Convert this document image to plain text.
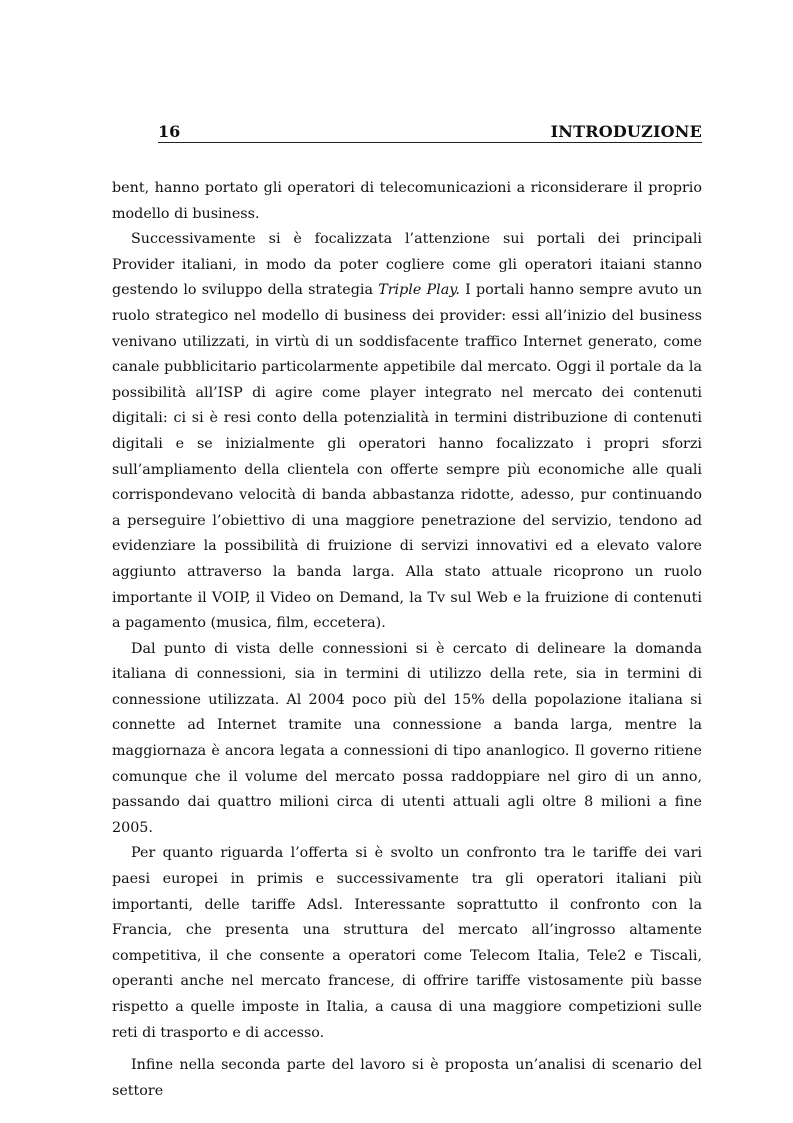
16	INTRODUZIONE

bent, hanno portato gli operatori di telecomunicazioni a riconsiderare il proprio modello di business.

Successivamente si è focalizzata l’attenzione sui portali dei principali Provider italiani, in modo da poter cogliere come gli operatori itaiani stanno gestendo lo sviluppo della strategia Triple Play. I portali hanno sempre avuto un ruolo strategico nel modello di business dei provider: essi all’inizio del business venivano utilizzati, in virtù di un soddisfacente traffico Internet generato, come canale pubblicitario particolarmente appetibile dal mercato. Oggi il portale da la possibilità all’ISP di agire come player integrato nel mercato dei contenuti digitali: ci si è resi conto della potenzialità in termini distribuzione di contenuti digitali e se inizialmente gli operatori hanno focalizzato i propri sforzi sull’ampliamento della clientela con offerte sempre più economiche alle quali corrispondevano velocità di banda abbastanza ridotte, adesso, pur continuando a perseguire l’obiettivo di una maggiore penetrazione del servizio, tendono ad evidenziare la possibilità di fruizione di servizi innovativi ed a elevato valore aggiunto attraverso la banda larga. Alla stato attuale ricoprono un ruolo importante il VOIP, il Video on Demand, la Tv sul Web e la fruizione di contenuti a pagamento (musica, film, eccetera).

Dal punto di vista delle connessioni si è cercato di delineare la domanda italiana di connessioni, sia in termini di utilizzo della rete, sia in termini di connessione utilizzata. Al 2004 poco più del 15% della popolazione italiana si connette ad Internet tramite una connessione a banda larga, mentre la maggiornaza è ancora legata a connessioni di tipo ananlogico. Il governo ritiene comunque che il volume del mercato possa raddoppiare nel giro di un anno, passando dai quattro milioni circa di utenti attuali agli oltre 8 milioni a fine 2005.

Per quanto riguarda l’offerta si è svolto un confronto tra le tariffe dei vari paesi europei in primis e successivamente tra gli operatori italiani più importanti, delle tariffe Adsl. Interessante soprattutto il confronto con la Francia, che presenta una struttura del mercato all’ingrosso altamente competitiva, il che consente a operatori come Telecom Italia, Tele2 e Tiscali, operanti anche nel mercato francese, di offrire tariffe vistosamente più basse rispetto a quelle imposte in Italia, a causa di una maggiore competizioni sulle reti di trasporto e di accesso.

Infine nella seconda parte del lavoro si è proposta un’analisi di scenario del settore
